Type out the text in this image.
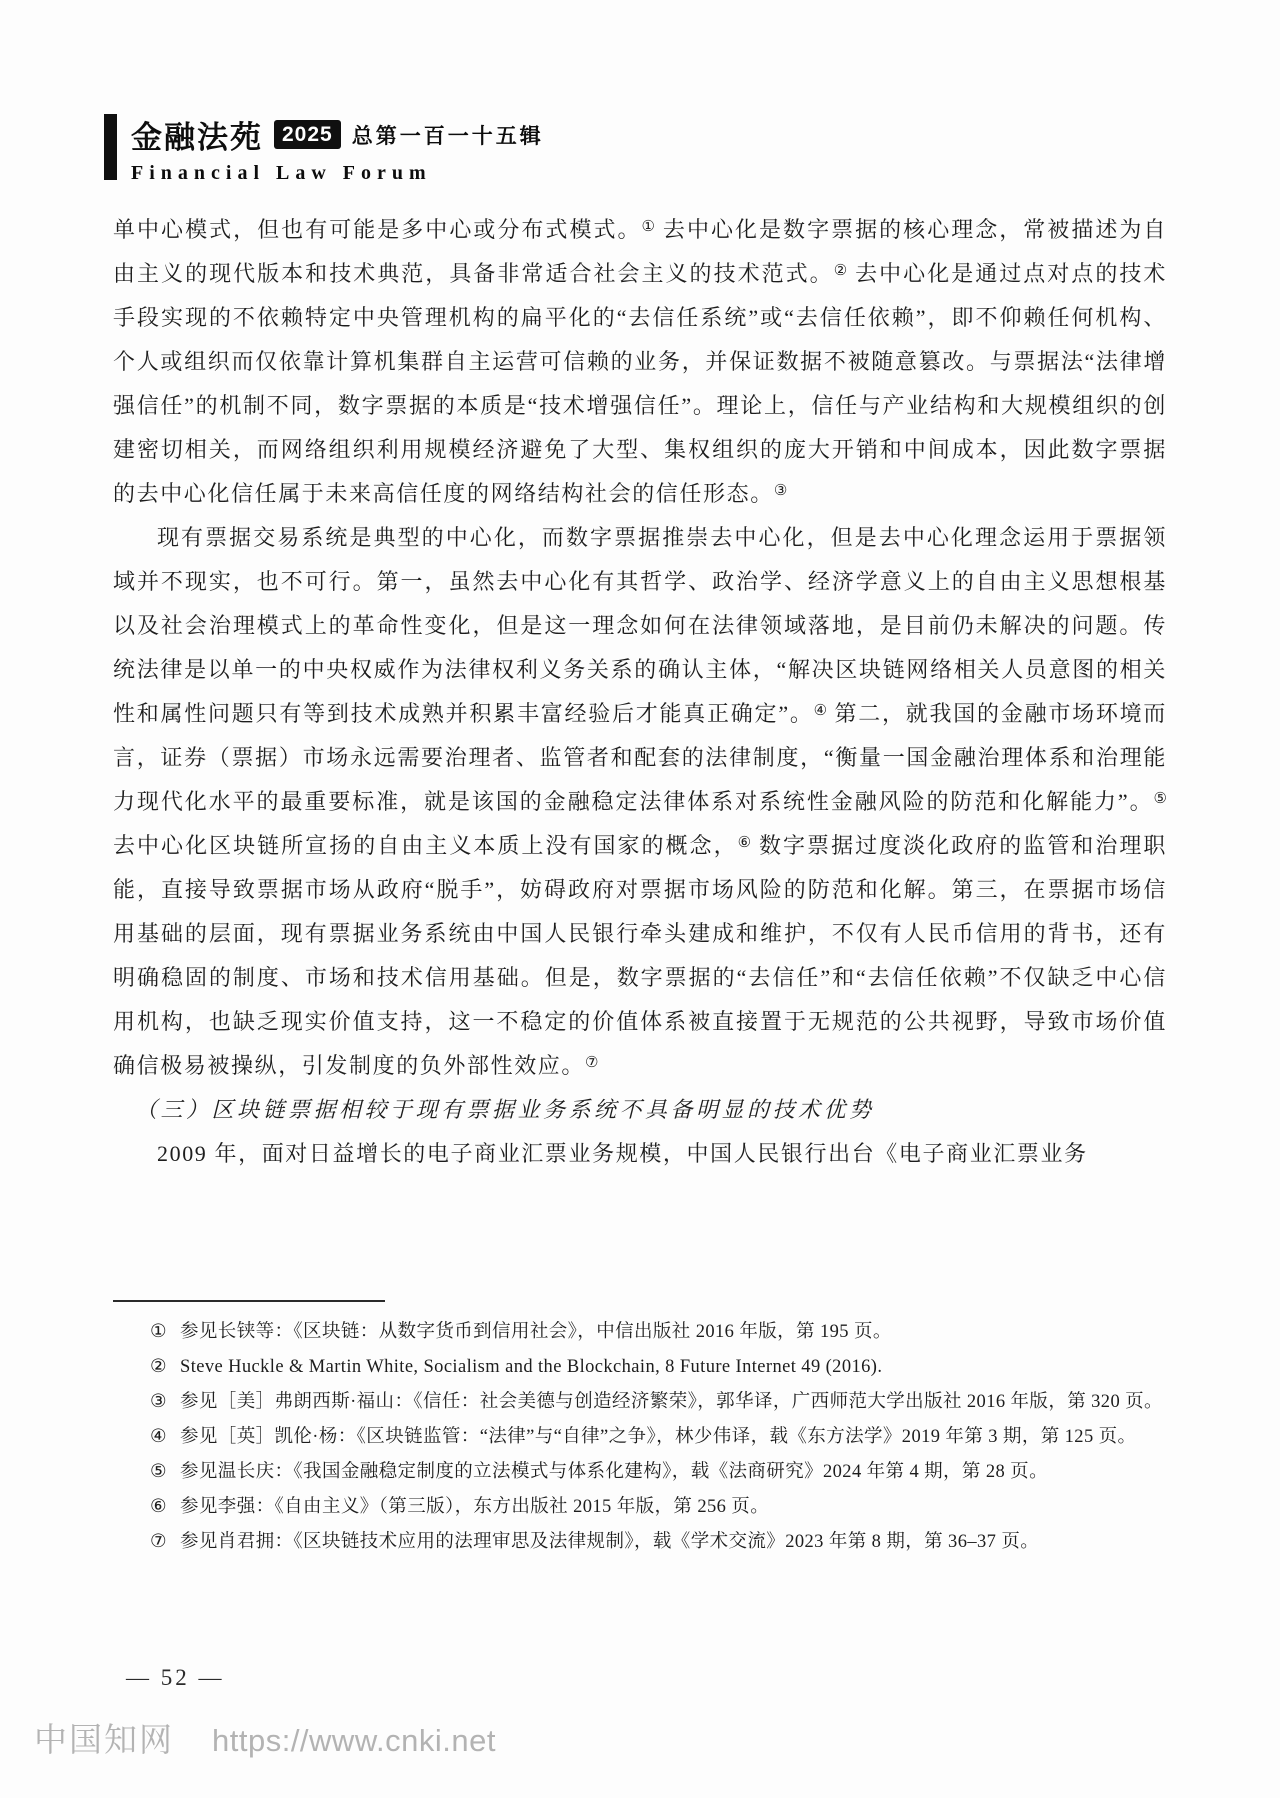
金融法苑 2025 总第一百一十五辑
Financial Law Forum

单中心模式，但也有可能是多中心或分布式模式。① 去中心化是数字票据的核心理念，常被描述为自由主义的现代版本和技术典范，具备非常适合社会主义的技术范式。② 去中心化是通过点对点的技术手段实现的不依赖特定中央管理机构的扁平化的“去信任系统”或“去信任依赖”，即不仰赖任何机构、个人或组织而仅依靠计算机集群自主运营可信赖的业务，并保证数据不被随意篡改。与票据法“法律增强信任”的机制不同，数字票据的本质是“技术增强信任”。理论上，信任与产业结构和大规模组织的创建密切相关，而网络组织利用规模经济避免了大型、集权组织的庞大开销和中间成本，因此数字票据的去中心化信任属于未来高信任度的网络结构社会的信任形态。③

现有票据交易系统是典型的中心化，而数字票据推崇去中心化，但是去中心化理念运用于票据领域并不现实，也不可行。第一，虽然去中心化有其哲学、政治学、经济学意义上的自由主义思想根基以及社会治理模式上的革命性变化，但是这一理念如何在法律领域落地，是目前仍未解决的问题。传统法律是以单一的中央权威作为法律权利义务关系的确认主体，“解决区块链网络相关人员意图的相关性和属性问题只有等到技术成熟并积累丰富经验后才能真正确定”。④ 第二，就我国的金融市场环境而言，证券（票据）市场永远需要治理者、监管者和配套的法律制度，“衡量一国金融治理体系和治理能力现代化水平的最重要标准，就是该国的金融稳定法律体系对系统性金融风险的防范和化解能力”。⑤ 去中心化区块链所宣扬的自由主义本质上没有国家的概念，⑥ 数字票据过度淡化政府的监管和治理职能，直接导致票据市场从政府“脱手”，妨碍政府对票据市场风险的防范和化解。第三，在票据市场信用基础的层面，现有票据业务系统由中国人民银行牵头建成和维护，不仅有人民币信用的背书，还有明确稳固的制度、市场和技术信用基础。但是，数字票据的“去信任”和“去信任依赖”不仅缺乏中心信用机构，也缺乏现实价值支持，这一不稳定的价值体系被直接置于无规范的公共视野，导致市场价值确信极易被操纵，引发制度的负外部性效应。⑦

（三）区块链票据相较于现有票据业务系统不具备明显的技术优势

2009 年，面对日益增长的电子商业汇票业务规模，中国人民银行出台《电子商业汇票业务

① 参见长铗等：《区块链：从数字货币到信用社会》，中信出版社 2016 年版，第 195 页。

② Steve Huckle & Martin White, Socialism and the Blockchain, 8 Future Internet 49 (2016).

③ 参见［美］弗朗西斯·福山：《信任：社会美德与创造经济繁荣》，郭华译，广西师范大学出版社 2016 年版，第 320 页。

④ 参见［英］凯伦·杨：《区块链监管：“法律”与“自律”之争》，林少伟译，载《东方法学》2019 年第 3 期，第 125 页。

⑤ 参见温长庆：《我国金融稳定制度的立法模式与体系化建构》，载《法商研究》2024 年第 4 期，第 28 页。

⑥ 参见李强：《自由主义》（第三版），东方出版社 2015 年版，第 256 页。

⑦ 参见肖君拥：《区块链技术应用的法理审思及法律规制》，载《学术交流》2023 年第 8 期，第 36–37 页。

— 52 —
中国知网 https://www.cnki.net
